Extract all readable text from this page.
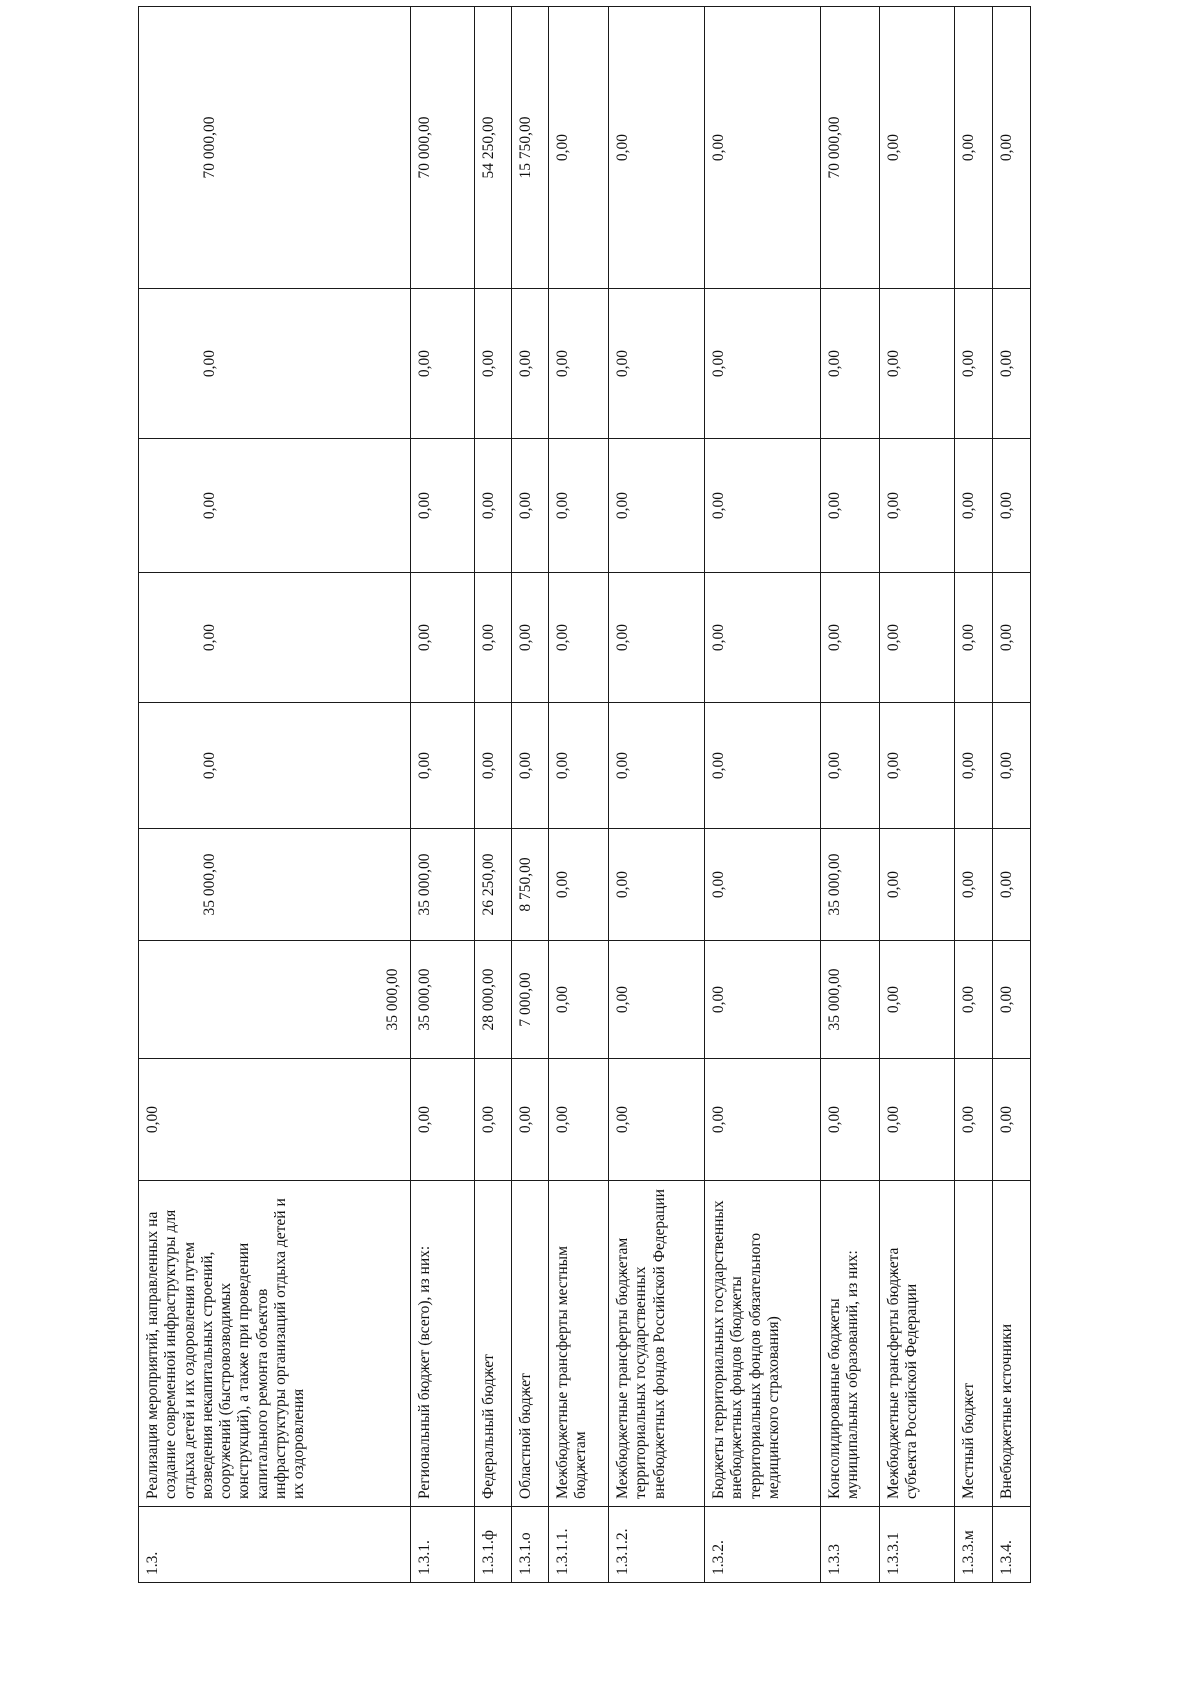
1.3.	Реализация мероприятий, направленных на создание современной инфраструктуры для отдыха детей и их оздоровления путем возведения некапитальных строений, сооружений (быстровозводимых конструкций), а также при проведении капитального ремонта объектов инфраструктуры организаций отдыха детей и их оздоровления	0,00	35 000,00	35 000,00	0,00	0,00	0,00	0,00	70 000,00
1.3.1.	Региональный бюджет (всего), из них:	0,00	35 000,00	35 000,00	0,00	0,00	0,00	0,00	70 000,00
1.3.1.ф	Федеральный бюджет	0,00	28 000,00	26 250,00	0,00	0,00	0,00	0,00	54 250,00
1.3.1.о	Областной бюджет	0,00	7 000,00	8 750,00	0,00	0,00	0,00	0,00	15 750,00
1.3.1.1.	Межбюджетные трансферты местным бюджетам	0,00	0,00	0,00	0,00	0,00	0,00	0,00	0,00
1.3.1.2.	Межбюджетные трансферты бюджетам территориальных государственных внебюджетных фондов Российской Федерации	0,00	0,00	0,00	0,00	0,00	0,00	0,00	0,00
1.3.2.	Бюджеты территориальных государственных внебюджетных фондов (бюджеты территориальных фондов обязательного медицинского страхования)	0,00	0,00	0,00	0,00	0,00	0,00	0,00	0,00
1.3.3	Консолидированные бюджеты муниципальных образований, из них:	0,00	35 000,00	35 000,00	0,00	0,00	0,00	0,00	70 000,00
1.3.3.1	Межбюджетные трансферты бюджета субъекта Российской Федерации	0,00	0,00	0,00	0,00	0,00	0,00	0,00	0,00
1.3.3.м	Местный бюджет	0,00	0,00	0,00	0,00	0,00	0,00	0,00	0,00
1.3.4.	Внебюджетные источники	0,00	0,00	0,00	0,00	0,00	0,00	0,00	0,00
